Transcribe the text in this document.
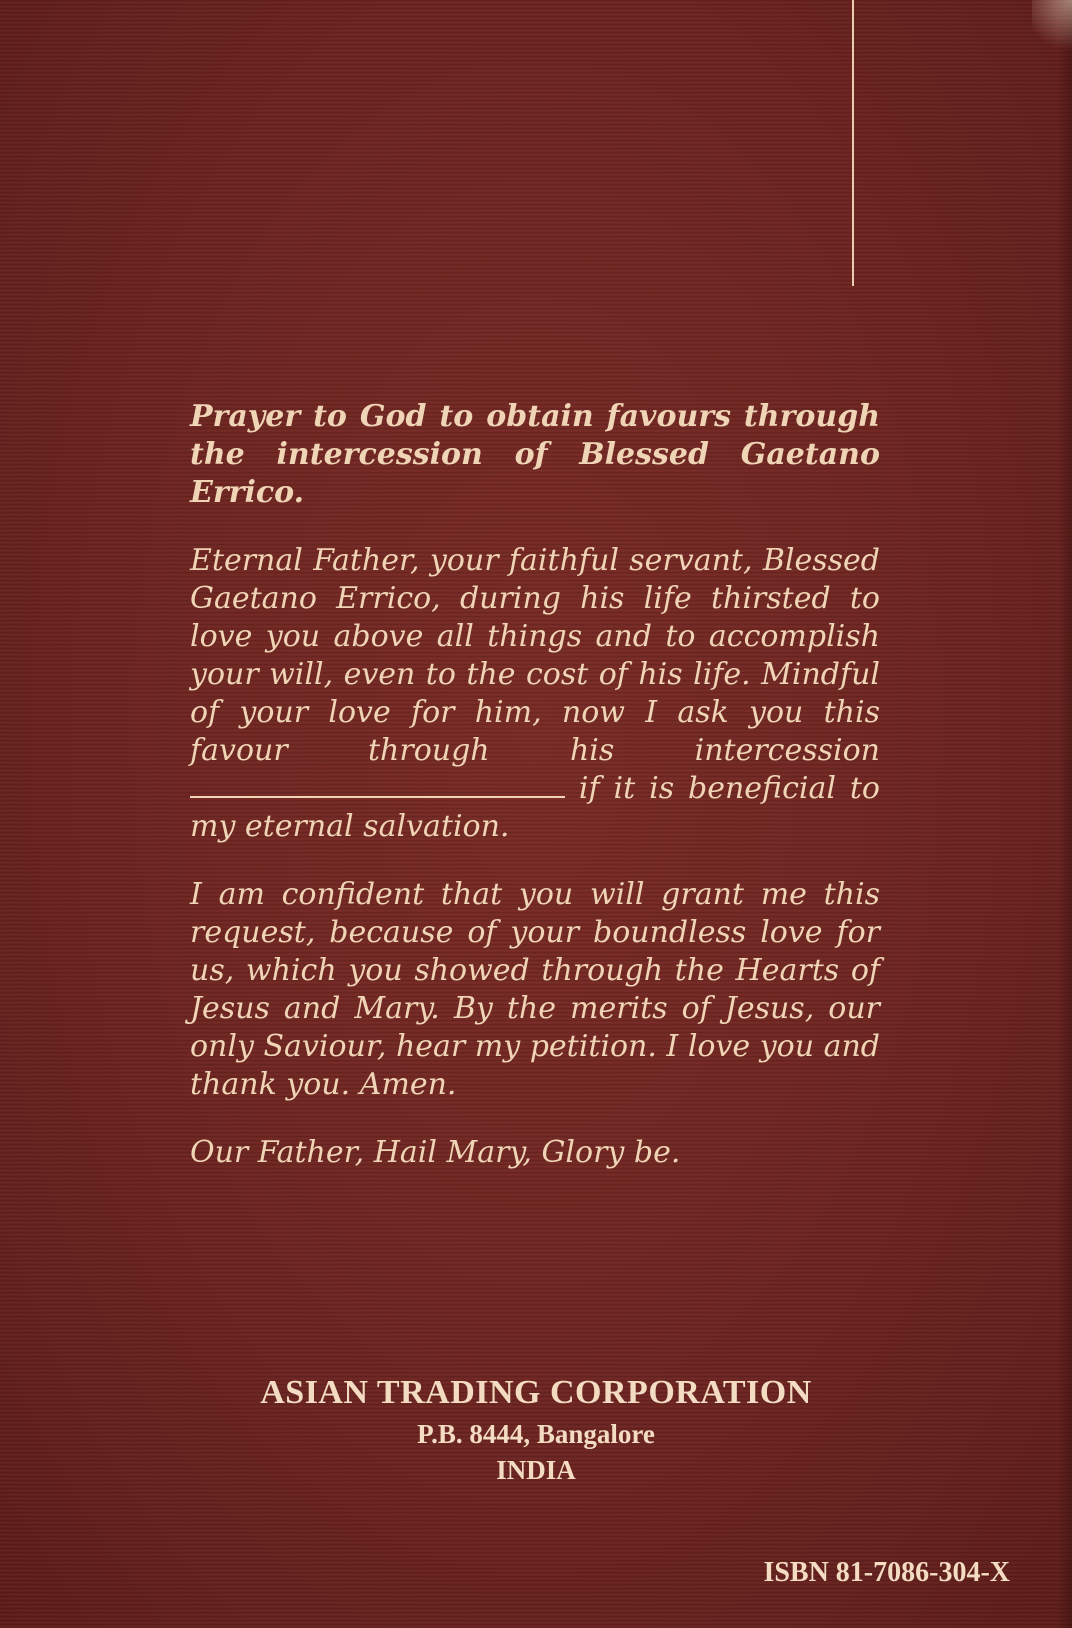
Prayer to God to obtain favours through the intercession of Blessed Gaetano Errico.

Eternal Father, your faithful servant, Blessed Gaetano Errico, during his life thirsted to love you above all things and to accomplish your will, even to the cost of his life. Mindful of your love for him, now I ask you this favour through his intercession if it is beneficial to my eternal salvation.

I am confident that you will grant me this request, because of your boundless love for us, which you showed through the Hearts of Jesus and Mary. By the merits of Jesus, our only Saviour, hear my petition. I love you and thank you. Amen.

Our Father, Hail Mary, Glory be.

ASIAN TRADING CORPORATION
P.B. 8444, Bangalore
INDIA
ISBN 81-7086-304-X
